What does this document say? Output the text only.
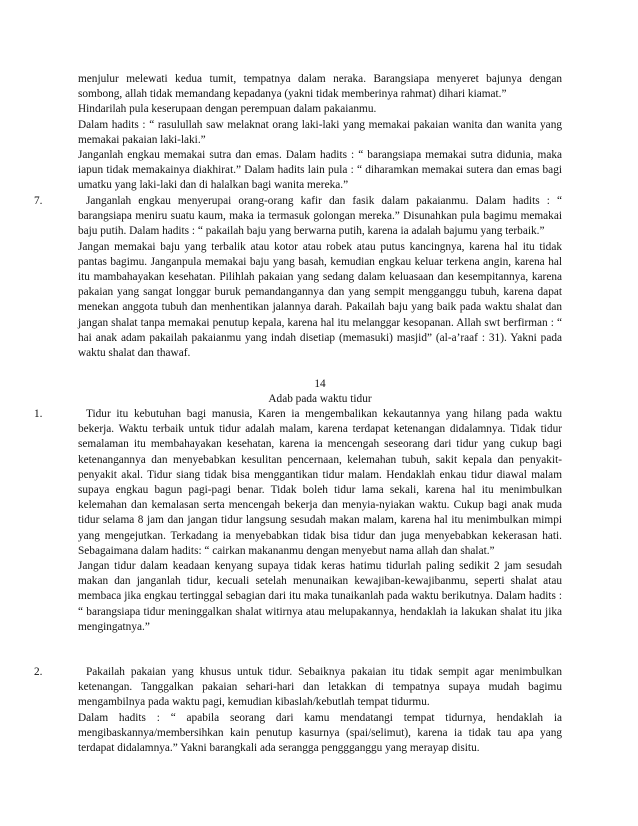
menjulur melewati kedua tumit, tempatnya dalam neraka. Barangsiapa menyeret bajunya dengan sombong, allah tidak memandang kepadanya (yakni tidak memberinya rahmat) dihari kiamat.”

Hindarilah pula keserupaan dengan perempuan dalam pakaianmu.

Dalam hadits : “ rasulullah saw melaknat orang laki-laki yang memakai pakaian wanita dan wanita yang memakai pakaian laki-laki.”

Janganlah engkau memakai sutra dan emas. Dalam hadits : “ barangsiapa memakai sutra didunia, maka iapun tidak memakainya diakhirat.” Dalam hadits lain pula : “ diharamkan memakai sutera dan emas bagi umatku yang laki-laki dan di halalkan bagi wanita mereka.”

7.	Janganlah engkau menyerupai orang-orang kafir dan fasik dalam pakaianmu. Dalam hadits : “ barangsiapa meniru suatu kaum, maka ia termasuk golongan mereka.” Disunahkan pula bagimu memakai baju putih. Dalam hadits : “ pakailah baju yang berwarna putih, karena ia adalah bajumu yang terbaik.”

Jangan memakai baju yang terbalik atau kotor atau robek atau putus kancingnya, karena hal itu tidak pantas bagimu. Janganpula memakai baju yang basah, kemudian engkau keluar terkena angin, karena hal itu mambahayakan kesehatan. Pilihlah pakaian yang sedang dalam keluasaan dan kesempitannya, karena pakaian yang sangat longgar buruk pemandangannya dan yang sempit mengganggu tubuh, karena dapat menekan anggota tubuh dan menhentikan jalannya darah. Pakailah baju yang baik pada waktu shalat dan jangan shalat tanpa memakai penutup kepala, karena hal itu melanggar kesopanan. Allah swt berfirman : “ hai anak adam pakailah pakaianmu yang indah disetiap (memasuki) masjid” (al-a’raaf : 31). Yakni pada waktu shalat dan thawaf.

14
Adab pada waktu tidur
1.	Tidur itu kebutuhan bagi manusia, Karen ia mengembalikan kekautannya yang hilang pada waktu bekerja. Waktu terbaik untuk tidur adalah malam, karena terdapat ketenangan didalamnya. Tidak tidur semalaman itu membahayakan kesehatan, karena ia mencengah seseorang dari tidur yang cukup bagi ketenangannya dan menyebabkan kesulitan pencernaan, kelemahan tubuh, sakit kepala dan penyakit-penyakit akal. Tidur siang tidak bisa menggantikan tidur malam. Hendaklah enkau tidur diawal malam supaya engkau bagun pagi-pagi benar. Tidak boleh tidur lama sekali, karena hal itu menimbulkan kelemahan dan kemalasan serta mencengah bekerja dan menyia-nyiakan waktu. Cukup bagi anak muda tidur selama 8 jam dan jangan tidur langsung sesudah makan malam, karena hal itu menimbulkan mimpi yang mengejutkan. Terkadang ia menyebabkan tidak bisa tidur dan juga menyebabkan kekerasan hati. Sebagaimana dalam hadits: “ cairkan makananmu dengan menyebut nama allah dan shalat.”

Jangan tidur dalam keadaan kenyang supaya tidak keras hatimu tidurlah paling sedikit 2 jam sesudah makan dan janganlah tidur, kecuali setelah menunaikan kewajiban-kewajibanmu, seperti shalat atau membaca jika engkau tertinggal sebagian dari itu maka tunaikanlah pada waktu berikutnya. Dalam hadits : “ barangsiapa tidur meninggalkan shalat witirnya atau melupakannya, hendaklah ia lakukan shalat itu jika mengingatnya.”

2.	Pakailah pakaian yang khusus untuk tidur. Sebaiknya pakaian itu tidak sempit agar menimbulkan ketenangan. Tanggalkan pakaian sehari-hari dan letakkan di tempatnya supaya mudah bagimu mengambilnya pada waktu pagi, kemudian kibaslah/kebutlah tempat tidurmu.

Dalam hadits : “ apabila seorang dari kamu mendatangi tempat tidurnya, hendaklah ia mengibaskannya/membersihkan kain penutup kasurnya (spai/selimut), karena ia tidak tau apa yang terdapat didalamnya.” Yakni barangkali ada serangga penggganggu yang merayap disitu.
